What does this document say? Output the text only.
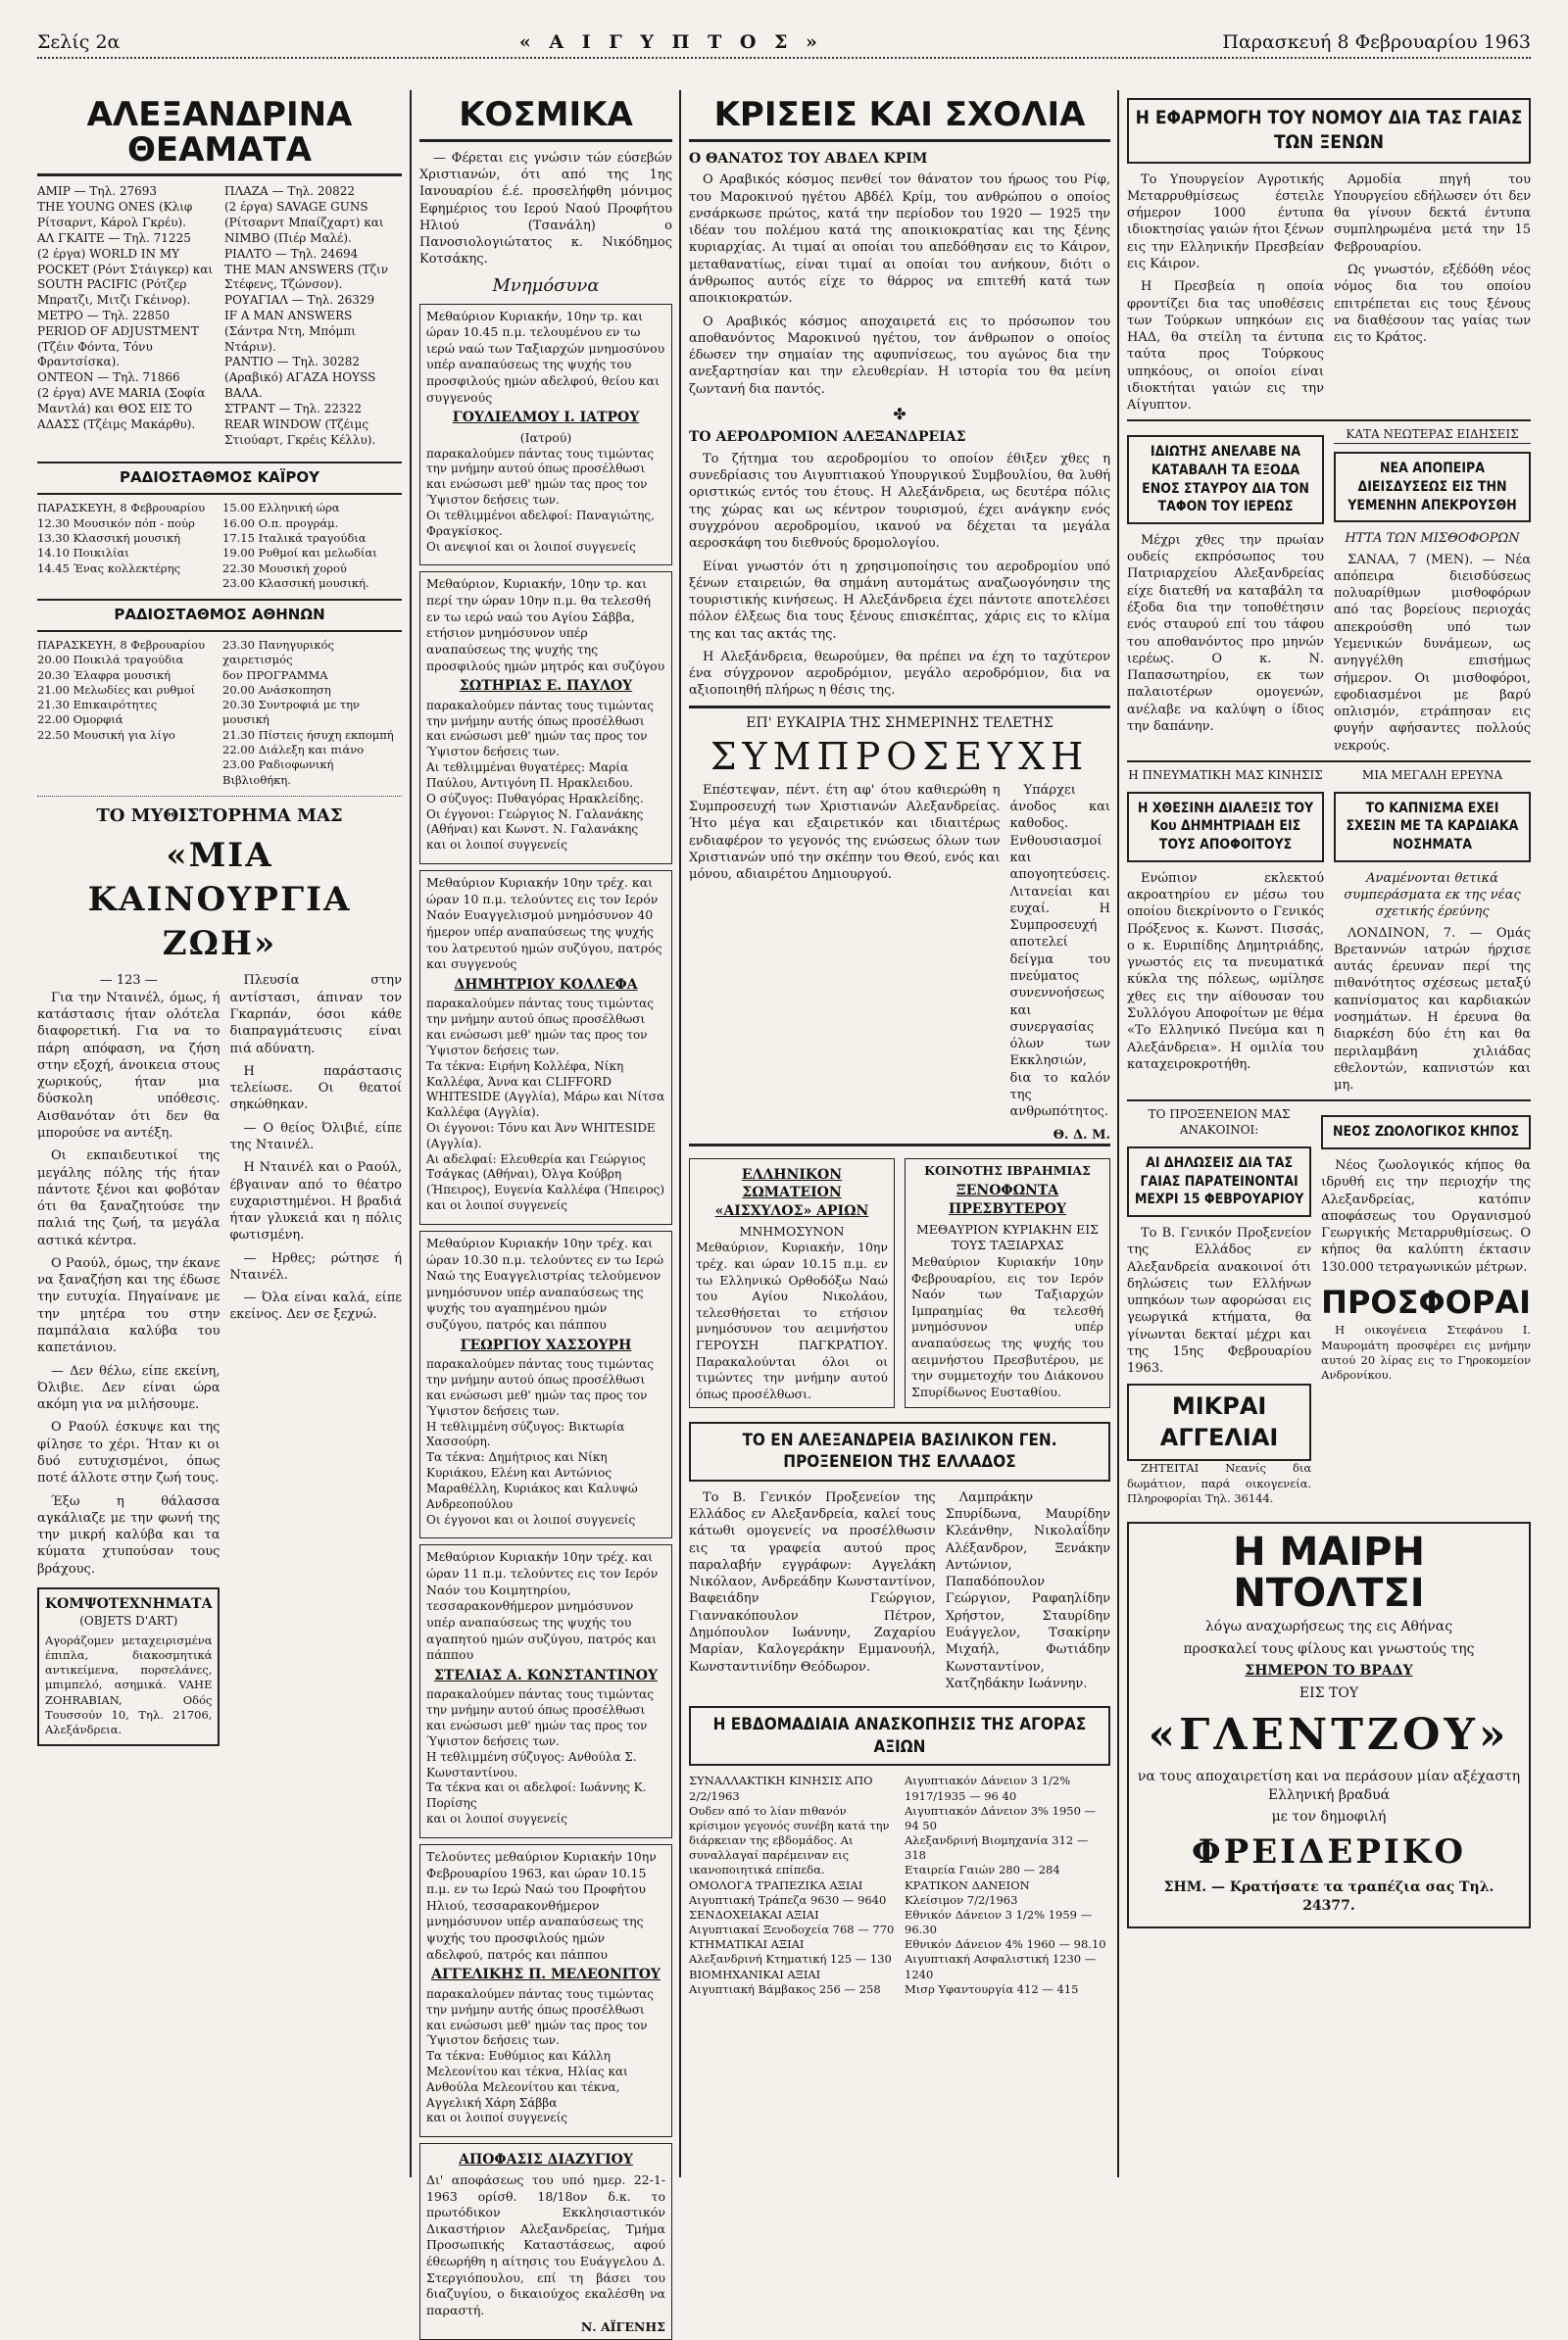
Σελίς 2α	« Α Ι Γ Υ Π Τ Ο Σ »	Παρασκευή 8 Φεβρουαρίου 1963
ΑΛΕΞΑΝΔΡΙΝΑ ΘΕΑΜΑΤΑ
ΑΜΙΡ — Τηλ. 27693
THE YOUNG ONES (Κλιφ Ρίτσαρντ, Κάρολ Γκρέυ).
ΑΛ ΓΚΑΙΤΕ — Τηλ. 71225
(2 έργα) WORLD IN MY POCKET (Ρόντ Στάιγκερ) και SOUTH PACIFIC (Ρότζερ Μπρατζι, Μιτζι Γκέινορ).
ΜΕΤΡΟ — Τηλ. 22850
PERIOD OF ADJUSTMENT (Τζέιν Φόντα, Τόνυ Φραντσίσκα).
ΟΝΤΕΟΝ — Τηλ. 71866
(2 έργα) AVE MARIA (Σοφία Μαντλά) και ΘΟΣ ΕΙΣ ΤΟ ΑΔΑΣΣ (Τζέιμς Μακάρθυ).
ΠΛΑΖΑ — Τηλ. 20822
(2 έργα) SAVAGE GUNS (Ρίτσαρντ Μπαίζχαρτ) και NIMBO (Πιέρ Μαλέ).
ΡΙΑΛΤΟ — Τηλ. 24694
THE MAN ANSWERS (Τζιν Στέφενς, Τζώνσον).
ΡΟΥΑΓΙΑΛ — Τηλ. 26329
IF A MAN ANSWERS (Σάντρα Ντη, Μπόμπι Ντάριν).
ΡΑΝΤΙΟ — Τηλ. 30282
(Αραβικό) ΑΓΑΖΑ ΗΟΥSS ΒΑΛΑ.
ΣΤΡΑΝΤ — Τηλ. 22322
REAR WINDOW (Τζέιμς Στιούαρτ, Γκρέις Κέλλυ).
ΡΑΔΙΟΣΤΑΘΜΟΣ ΚΑΪΡΟΥ
ΠΑΡΑΣΚΕΥΗ, 8 Φεβρουαρίου
12.30 Μουσικόν πόπ - πούρ
13.30 Κλασσική μουσική
14.10 Ποικιλίαι
14.45 Ένας κολλεκτέρης
15.00 Ελληνική ώρα
16.00 Ο.π. προγράμ.
17.15 Ιταλικά τραγούδια
19.00 Ρυθμοί και μελωδίαι
22.30 Μουσική χορού
23.00 Κλασσική μουσική.
ΡΑΔΙΟΣΤΑΘΜΟΣ ΑΘΗΝΩΝ
ΠΑΡΑΣΚΕΥΗ, 8 Φεβρουαρίου
20.00 Ποικιλά τραγούδια
20.30 Έλαφρα μουσική
21.00 Μελωδίες και ρυθμοί
21.30 Επικαιρότητες
22.00 Ομορφιά
22.50 Μουσική για λίγο
23.30 Πανηγυρικός χαιρετισμός
δον ΠΡΟΓΡΑΜΜΑ
20.00 Ανάσκοπηση
20.30 Συντροφιά με την μουσική
21.30 Πίστεις ήσυχη εκπομπή
22.00 Διάλεξη και πιάνο
23.00 Ραδιοφωνική Βιβλιοθήκη.
ΤΟ ΜΥΘΙΣΤΟΡΗΜΑ ΜΑΣ
«ΜΙΑ ΚΑΙΝΟΥΡΓΙΑ ΖΩΗ»
— 123 —

Για την Νταινέλ, όμως, ή κατάστασις ήταν ολότελα διαφορετική. Για να το πάρη απόφαση, να ζήση στην εξοχή, άνοικεια στους χωρικούς, ήταν μια δύσκολη υπόθεσις. Αισθανόταν ότι δεν θα μπορούσε να αντέξη.

Οι εκπαιδευτικοί της μεγάλης πόλης τής ήταν πάντοτε ξένοι και φοβόταν ότι θα ξαναζητούσε την παλιά της ζωή, τα μεγάλα αστικά κέντρα.

Ο Ραούλ, όμως, την έκανε να ξαναζήση και της έδωσε την ευτυχία. Πηγαίνανε με την μητέρα του στην παμπάλαια καλύβα του καπετάνιου.

— Δεν θέλω, είπε εκείνη, Όλιβιε. Δεν είναι ώρα ακόμη για να μιλήσουμε.

Ο Ραούλ έσκυψε και της φίλησε το χέρι. Ήταν κι οι δυό ευτυχισμένοι, όπως ποτέ άλλοτε στην ζωή τους.

Έξω η θάλασσα αγκάλιαζε με την φωνή της την μικρή καλύβα και τα κύματα χτυπούσαν τους βράχους.

ΚΟΜΨΟΤΕΧΝΗΜΑΤΑ
(OBJETS D'ART)
Αγοράζομεν μεταχειρισμένα έπιπλα, διακοσμητικά αντικείμενα, πορσελάνες, μπιμπελό, ασημικά. VAHE ZOHRABIAN, Οδός Τουσσούν 10, Τηλ. 21706, Αλεξάνδρεια.

Πλευσία στην αντίστασι, άπιναν τον Γκαρπάν, όσοι κάθε διαπραγμάτευσις είναι πιά αδύνατη.

Η παράστασις τελείωσε. Οι θεατοί σηκώθηκαν.

— Ο θείος Όλιβιέ, είπε της Νταινέλ.

Η Νταινέλ και ο Ραούλ, έβγαιναν από το θέατρο ευχαριστημένοι. Η βραδιά ήταν γλυκειά και η πόλις φωτισμένη.

— Ηρθες; ρώτησε ή Νταινέλ.

— Όλα είναι καλά, είπε εκείνος. Δεν σε ξεχνώ.

ΚΟΣΜΙΚΑ

— Φέρεται εις γνώσιν τών εύσεβών Χριστιανών, ότι από της 1ης Ιανουαρίου έ.έ. προσελήφθη μόνιμος Εφημέριος του Ιερού Ναού Προφήτου Ηλιού (Τσανάλη) ο Πανοσιολογιώτατος κ. Νικόδημος Κοτσάκης.

Μνημόσυνα
Μεθαύριον Κυριακήν, 10ην τρ. και ώραν 10.45 π.μ. τελουμένου εν τω ιερώ ναώ των Ταξιαρχών μνημοσύνου υπέρ αναπαύσεως της ψυχής του προσφιλούς ημών αδελφού, θείου και συγγενούς
ΓΟΥΛΙΕΛΜΟΥ Ι. ΙΑΤΡΟΥ
(Ιατρού)
παρακαλούμεν πάντας τους τιμώντας την μνήμην αυτού όπως προσέλθωσι και ενώσωσι μεθ' ημών τας προς τον Ύψιστον δεήσεις των.
Οι τεθλιμμένοι αδελφοί: Παναγιώτης, Φραγκίσκος.
Οι ανεψιοί και οι λοιποί συγγενείς
Μεθαύριον, Κυριακήν, 10ην τρ. και περί την ώραν 10ην π.μ. θα τελεσθή εν τω ιερώ ναώ του Αγίου Σάββα, ετήσιον μνημόσυνον υπέρ αναπαύσεως της ψυχής της προσφιλούς ημών μητρός και συζύγου
ΣΩΤΗΡΙΑΣ Ε. ΠΑΥΛΟΥ
παρακαλούμεν πάντας τους τιμώντας την μνήμην αυτής όπως προσέλθωσι και ενώσωσι μεθ' ημών τας προς τον Ύψιστον δεήσεις των.
Αι τεθλιμμέναι θυγατέρες: Μαρία Παύλου, Αντιγόνη Π. Ηρακλειδου.
Ο σύζυγος: Πυθαγόρας Ηρακλείδης.
Οι έγγονοι: Γεώργιος Ν. Γαλανάκης (Αθήναι) και Κωνστ. Ν. Γαλανάκης
και οι λοιποί συγγενείς
Μεθαύριον Κυριακήν 10ην τρέχ. και ώραν 10 π.μ. τελούντες εις τον Ιερόν Ναόν Ευαγγελισμού μνημόσυνον 40 ήμερον υπέρ αναπαύσεως της ψυχής του λατρευτού ημών συζύγου, πατρός και συγγενούς
ΔΗΜΗΤΡΙΟΥ ΚΟΛΛΕΦΑ
παρακαλούμεν πάντας τους τιμώντας την μνήμην αυτού όπως προσέλθωσι και ενώσωσι μεθ' ημών τας προς τον Ύψιστον δεήσεις των.
Τα τέκνα: Ειρήνη Κολλέφα, Νίκη Καλλέφα, Άννα και CLIFFORD WHITESIDE (Αγγλία), Μάρω και Νίτσα Καλλέφα (Αγγλία).
Οι έγγονοι: Τόνυ και Άνν WHITESIDE (Αγγλία).
Αι αδελφαί: Ελευθερία και Γεώργιος Τσάγκας (Αθήναι), Όλγα Κούβρη (Ήπειρος), Ευγενία Καλλέφα (Ήπειρος)
και οι λοιποί συγγενείς
Μεθαύριον Κυριακήν 10ην τρέχ. και ώραν 10.30 π.μ. τελούντες εν τω Ιερώ Ναώ της Ευαγγελιστρίας τελούμενον μνημόσυνον υπέρ αναπαύσεως της ψυχής του αγαπημένου ημών συζύγου, πατρός και πάππου
ΓΕΩΡΓΙΟΥ ΧΑΣΣΟΥΡΗ
παρακαλούμεν πάντας τους τιμώντας την μνήμην αυτού όπως προσέλθωσι και ενώσωσι μεθ' ημών τας προς τον Ύψιστον δεήσεις των.
Η τεθλιμμένη σύζυγος: Βικτωρία Χασσούρη.
Τα τέκνα: Δημήτριος και Νίκη Κυριάκου, Ελένη και Αντώνιος Μαραθέλλη, Κυριάκος και Καλυψώ Ανδρεοπούλου
Οι έγγονοι και οι λοιποί συγγενείς
Μεθαύριον Κυριακήν 10ην τρέχ. και ώραν 11 π.μ. τελούντες εις τον Ιερόν Ναόν του Κοιμητηρίου, τεσσαρακονθήμερον μνημόσυνον υπέρ αναπαύσεως της ψυχής του αγαπητού ημών συζύγου, πατρός και πάππου
ΣΤΕΛΙΑΣ Α. ΚΩΝΣΤΑΝΤΙΝΟΥ
παρακαλούμεν πάντας τους τιμώντας την μνήμην αυτού όπως προσέλθωσι και ενώσωσι μεθ' ημών τας προς τον Ύψιστον δεήσεις των.
Η τεθλιμμένη σύζυγος: Ανθούλα Σ. Κωνσταντίνου.
Τα τέκνα και οι αδελφοί: Ιωάννης Κ. Πορίσης
και οι λοιποί συγγενείς
Τελούντες μεθαύριον Κυριακήν 10ην Φεβρουαρίου 1963, και ώραν 10.15 π.μ. εν τω Ιερώ Ναώ του Προφήτου Ηλιού, τεσσαρακονθήμερον μνημόσυνον υπέρ αναπαύσεως της ψυχής του προσφιλούς ημών αδελφού, πατρός και πάππου
ΑΓΓΕΛΙΚΗΣ Π. ΜΕΛΕΟΝΙΤΟΥ
παρακαλούμεν πάντας τους τιμώντας την μνήμην αυτής όπως προσέλθωσι και ενώσωσι μεθ' ημών τας προς τον Ύψιστον δεήσεις των.
Τα τέκνα: Ευθύμιος και Κάλλη Μελεονίτου και τέκνα, Ηλίας και Ανθούλα Μελεονίτου και τέκνα, Αγγελική Χάρη Σάββα
και οι λοιποί συγγενείς
ΑΠΟΦΑΣΙΣ ΔΙΑΖΥΓΙΟΥ
Δι' αποφάσεως του υπό ημερ. 22-1-1963 ορίσθ. 18/18ον δ.κ. το πρωτόδικον Εκκλησιαστικόν Δικαστήριον Αλεξανδρείας, Τμήμα Προσωπικής Καταστάσεως, αφού έθεωρήθη η αίτησις του Ευάγγελου Δ. Στεργιόπουλου, επί τη βάσει του διαζυγίου, ο δικαιούχος εκαλέσθη να παραστή.
Ν. ΑΪΓΕΝΗΣ
ΚΡΙΣΕΙΣ ΚΑΙ ΣΧΟΛΙΑ
Ο ΘΑΝΑΤΟΣ ΤΟΥ ΑΒΔΕΛ ΚΡΙΜ

Ο Αραβικός κόσμος πενθεί τον θάνατον του ήρωος του Ρίφ, του Μαροκινού ηγέτου Αβδέλ Κρίμ, του ανθρώπου ο οποίος ενσάρκωσε πρώτος, κατά την περίοδον του 1920 — 1925 την ιδέαν του πολέμου κατά της αποικιοκρατίας και της ξένης κυριαρχίας. Αι τιμαί αι οποίαι του απεδόθησαν εις το Κάιρον, μεταθανατίως, είναι τιμαί αι οποίαι του ανήκουν, διότι ο άνθρωπος αυτός είχε το θάρρος να επιτεθή κατά των αποικιοκρατών.

Ο Αραβικός κόσμος αποχαιρετά εις το πρόσωπον του αποθανόντος Μαροκινού ηγέτου, τον άνθρωπον ο οποίος έδωσεν την σημαίαν της αφυπνίσεως, του αγώνος δια την ανεξαρτησίαν και την ελευθερίαν. Η ιστορία του θα μείνη ζωντανή δια παντός.

✤
ΤΟ ΑΕΡΟΔΡΟΜΙΟΝ ΑΛΕΞΑΝΔΡΕΙΑΣ

Το ζήτημα του αεροδρομίου το οποίον έθιξεν χθες η συνεδρίασις του Αιγυπτιακού Υπουργικού Συμβουλίου, θα λυθή οριστικώς εντός του έτους. Η Αλεξάνδρεια, ως δευτέρα πόλις της χώρας και ως κέντρον τουρισμού, έχει ανάγκην ενός συγχρόνου αεροδρομίου, ικανού να δέχεται τα μεγάλα αεροσκάφη του διεθνούς δρομολογίου.

Είναι γνωστόν ότι η χρησιμοποίησις του αεροδρομίου υπό ξένων εταιρειών, θα σημάνη αυτομάτως αναζωογόνησιν της τουριστικής κινήσεως. Η Αλεξάνδρεια έχει πάντοτε αποτελέσει πόλον έλξεως δια τους ξένους επισκέπτας, χάρις εις το κλίμα της και τας ακτάς της.

Η Αλεξάνδρεια, θεωρούμεν, θα πρέπει να έχη το ταχύτερον ένα σύγχρονον αεροδρόμιον, μεγάλο αεροδρόμιον, δια να αξιοποιηθή πλήρως η θέσις της.

ΕΠ' ΕΥΚΑΙΡΙΑ ΤΗΣ ΣΗΜΕΡΙΝΗΣ ΤΕΛΕΤΗΣ
ΣΥΜΠΡΟΣΕΥΧΗ

Επέστεψαν, πέντ. έτη αφ' ότου καθιερώθη η Συμπροσευχή των Χριστιανών Αλεξανδρείας. Ήτο μέγα και εξαιρετικόν και ιδιαιτέρως ενδιαφέρον το γεγονός της ενώσεως όλων των Χριστιανών υπό την σκέπην του Θεού, ενός και μόνου, αδιαιρέτου Δημιουργού.

Υπάρχει άνοδος και καθοδος. Ενθουσιασμοί και απογοητεύσεις. Λιτανείαι και ευχαί. Η Συμπροσευχή αποτελεί δείγμα του πνεύματος συνεννοήσεως και συνεργασίας όλων των Εκκλησιών, δια το καλόν της ανθρωπότητος.

Θ. Δ. Μ.
ΕΛΛΗΝΙΚΟΝ ΣΩΜΑΤΕΙΟΝ «ΑΙΣΧΥΛΟΣ» ΑΡΙΩΝ
ΜΝΗΜΟΣΥΝΟΝ
Μεθαύριον, Κυριακήν, 10ην τρέχ. και ώραν 10.15 π.μ. εν τω Ελληνικώ Ορθοδόξω Ναώ του Αγίου Νικολάου, τελεσθήσεται το ετήσιον μνημόσυνον του αειμνήστου ΓΕΡΟΥΣΗ ΠΑΓΚΡΑΤΙΟΥ. Παρακαλούνται όλοι οι τιμώντες την μνήμην αυτού όπως προσέλθωσι.
ΚΟΙΝΟΤΗΣ ΙΒΡΑΗΜΙΑΣ
ΞΕΝΟΦΩΝΤΑ ΠΡΕΣΒΥΤΕΡΟΥ
ΜΕΘΑΥΡΙΟΝ ΚΥΡΙΑΚΗΝ ΕΙΣ ΤΟΥΣ ΤΑΞΙΑΡΧΑΣ
Μεθαύριον Κυριακήν 10ην Φεβρουαρίου, εις τον Ιερόν Ναόν των Ταξιαρχών Ιμπραημίας θα τελεσθή μνημόσυνον υπέρ αναπαύσεως της ψυχής του αειμνήστου Πρεσβυτέρου, με την συμμετοχήν του Διάκονου Σπυρίδωνος Ευσταθίου.
ΤΟ ΕΝ ΑΛΕΞΑΝΔΡΕΙΑ ΒΑΣΙΛΙΚΟΝ ΓΕΝ. ΠΡΟΞΕΝΕΙΟΝ ΤΗΣ ΕΛΛΑΔΟΣ

Το Β. Γενικόν Προξενείον της Ελλάδος εν Αλεξανδρεία, καλεί τους κάτωθι ομογενείς να προσέλθωσιν εις τα γραφεία αυτού προς παραλαβήν εγγράφων: Αγγελάκη Νικόλαον, Ανδρεάδην Κωνσταντίνον, Βαφειάδην Γεώργιον, Γιαννακόπουλον Πέτρον, Δημόπουλον Ιωάννην, Ζαχαρίου Μαρίαν, Καλογεράκην Εμμανουήλ, Κωνσταντινίδην Θεόδωρον.

Λαμπράκην Σπυρίδωνα, Μαυρίδην Κλεάνθην, Νικολαΐδην Αλέξανδρον, Ξενάκην Αντώνιον, Παπαδόπουλον Γεώργιον, Ραφαηλίδην Χρήστον, Σταυρίδην Ευάγγελον, Τσακίρην Μιχαήλ, Φωτιάδην Κωνσταντίνον, Χατζηδάκην Ιωάννην.

Η ΕΒΔΟΜΑΔΙΑΙΑ ΑΝΑΣΚΟΠΗΣΙΣ ΤΗΣ ΑΓΟΡΑΣ ΑΞΙΩΝ
ΣΥΝΑΛΛΑΚΤΙΚΗ ΚΙΝΗΣΙΣ ΑΠΟ 2/2/1963
Ουδεν από το λίαν πιθανόν κρίσιμον γεγονός συνέβη κατά την διάρκειαν της εβδομάδος. Αι συναλλαγαί παρέμειναν εις ικανοποιητικά επίπεδα.
ΟΜΟΛΟΓΑ ΤΡΑΠΕΖΙΚΑ ΑΞΙΑΙ
Αιγυπτιακή Τράπεζα 9630 — 9640
ΣΕΝΔΟΧΕΙΑΚΑΙ ΑΞΙΑΙ
Αιγυπτιακαί Ξενοδοχεία 768 — 770
ΚΤΗΜΑΤΙΚΑΙ ΑΞΙΑΙ
Αλεξανδρινή Κτηματική 125 — 130
ΒΙΟΜΗΧΑΝΙΚΑΙ ΑΞΙΑΙ
Αιγυπτιακή Βάμβακος 256 — 258
Αιγυπτιακόν Δάνειον 3 1/2% 1917/1935 — 96 40
Αιγυπτιακόν Δάνειον 3% 1950 — 94 50
Αλεξανδρινή Βιομηχανία 312 — 318
Εταιρεία Γαιών 280 — 284
ΚΡΑΤΙΚΟΝ ΔΑΝΕΙΟΝ
Κλείσιμον 7/2/1963
Εθνικόν Δάνειον 3 1/2% 1959 — 96.30
Εθνικόν Δάνειον 4% 1960 — 98.10
Αιγυπτιακή Ασφαλιστική 1230 — 1240
Μισρ Υφαντουργία 412 — 415
Η ΕΦΑΡΜΟΓΗ ΤΟΥ ΝΟΜΟΥ ΔΙΑ ΤΑΣ ΓΑΙΑΣ ΤΩΝ ΞΕΝΩΝ

Το Υπουργείον Αγροτικής Μεταρρυθμίσεως έστειλε σήμερον 1000 έντυπα ιδιοκτησίας γαιών ήτοι ξένων εις την Ελληνικήν Πρεσβείαν εις Κάιρον.

Η Πρεσβεία η οποία φροντίζει δια τας υποθέσεις των Τούρκων υπηκόων εις ΗΑΔ, θα στείλη τα έντυπα ταύτα προς Τούρκους υπηκόους, οι οποίοι είναι ιδιοκτήται γαιών εις την Αίγυπτον.

Αρμοδία πηγή του Υπουργείου εδήλωσεν ότι δεν θα γίνουν δεκτά έντυπα συμπληρωμένα μετά την 15 Φεβρουαρίου.

Ως γνωστόν, εξέδόθη νέος νόμος δια του οποίου επιτρέπεται εις τους ξένους να διαθέσουν τας γαίας των εις το Κράτος.

ΙΔΙΩΤΗΣ ΑΝΕΛΑΒΕ ΝΑ ΚΑΤΑΒΑΛΗ ΤΑ ΕΞΟΔΑ ΕΝΟΣ ΣΤΑΥΡΟΥ ΔΙΑ ΤΟΝ ΤΑΦΟΝ ΤΟΥ ΙΕΡΕΩΣ

Μέχρι χθες την πρωίαν ουδείς εκπρόσωπος του Πατριαρχείου Αλεξανδρείας είχε διατεθή να καταβάλη τα έξοδα δια την τοποθέτησιν ενός σταυρού επί του τάφου του αποθανόντος προ μηνών ιερέως. Ο κ. Ν. Παπασωτηρίου, εκ των παλαιοτέρων ομογενών, ανέλαβε να καλύψη ο ίδιος την δαπάνην.

ΚΑΤΑ ΝΕΩΤΕΡΑΣ ΕΙΔΗΣΕΙΣ
ΝΕΑ ΑΠΟΠΕΙΡΑ ΔΙΕΙΣΔΥΣΕΩΣ ΕΙΣ ΤΗΝ ΥΕΜΕΝΗΝ ΑΠΕΚΡΟΥΣΘΗ
ΗΤΤΑ ΤΩΝ ΜΙΣΘΟΦΟΡΩΝ

ΣΑΝΑΑ, 7 (ΜΕΝ). — Νέα απόπειρα διεισδύσεως πολυαρίθμων μισθοφόρων από τας βορείους περιοχάς απεκρούσθη υπό των Υεμενικών δυνάμεων, ως ανηγγέλθη επισήμως σήμερον. Οι μισθοφόροι, εφοδιασμένοι με βαρύ οπλισμόν, ετράπησαν εις φυγήν αφήσαντες πολλούς νεκρούς.

Η ΠΝΕΥΜΑΤΙΚΗ ΜΑΣ ΚΙΝΗΣΙΣ
Η ΧΘΕΣΙΝΗ ΔΙΑΛΕΞΙΣ ΤΟΥ Κου ΔΗΜΗΤΡΙΑΔΗ ΕΙΣ ΤΟΥΣ ΑΠΟΦΟΙΤΟΥΣ

Ενώπιον εκλεκτού ακροατηρίου εν μέσω του οποίου διεκρίνοντο ο Γενικός Πρόξενος κ. Κωνστ. Πισσάς, ο κ. Ευριπίδης Δημητριάδης, γνωστός εις τα πνευματικά κύκλα της πόλεως, ωμίλησε χθες εις την αίθουσαν του Συλλόγου Αποφοίτων με θέμα «Το Ελληνικό Πνεύμα και η Αλεξάνδρεια». Η ομιλία του καταχειροκροτήθη.

ΜΙΑ ΜΕΓΑΛΗ ΕΡΕΥΝΑ
ΤΟ ΚΑΠΝΙΣΜΑ ΕΧΕΙ ΣΧΕΣΙΝ ΜΕ ΤΑ ΚΑΡΔΙΑΚΑ ΝΟΣΗΜΑΤΑ
Αναμένονται θετικά συμπεράσματα εκ της νέας σχετικής έρεύνης

ΛΟΝΔΙΝΟΝ, 7. — Ομάς Βρεταννών ιατρών ήρχισε αυτάς έρευναν περί της πιθανότητος σχέσεως μεταξύ καπνίσματος και καρδιακών νοσημάτων. Η έρευνα θα διαρκέση δύο έτη και θα περιλαμβάνη χιλιάδας εθελοντών, καπνιστών και μη.

ΤΟ ΠΡΟΞΕΝΕΙΟΝ ΜΑΣ ΑΝΑΚΟΙΝΟΙ:
ΑΙ ΔΗΛΩΣΕΙΣ ΔΙΑ ΤΑΣ ΓΑΙΑΣ ΠΑΡΑΤΕΙΝΟΝΤΑΙ ΜΕΧΡΙ 15 ΦΕΒΡΟΥΑΡΙΟΥ

Το Β. Γενικόν Προξενείον της Ελλάδος εν Αλεξανδρεία ανακοινοί ότι δηλώσεις των Ελλήνων υπηκόων των αφορώσαι εις γεωργικά κτήματα, θα γίνωνται δεκταί μέχρι και της 15ης Φεβρουαρίου 1963.

ΜΙΚΡΑΙ ΑΓΓΕΛΙΑΙ

ΖΗΤΕΙΤΑΙ Νεανίς δια δωμάτιον, παρά οικογενεία. Πληροφορίαι Τηλ. 36144.

ΝΕΟΣ ΖΩΟΛΟΓΙΚΟΣ ΚΗΠΟΣ

Νέος ζωολογικός κήπος θα ιδρυθή εις την περιοχήν της Αλεξανδρείας, κατόπιν αποφάσεως του Οργανισμού Γεωργικής Μεταρρυθμίσεως. Ο κήπος θα καλύπτη έκτασιν 130.000 τετραγωνικών μέτρων.

ΠΡΟΣΦΟΡΑΙ

Η οικογένεια Στεφάνου Ι. Μαυρομάτη προσφέρει εις μνήμην αυτού 20 λίρας εις το Γηροκομείον Ανδρονίκου.

Η ΜΑΙΡΗ ΝΤΟΛΤΣΙ
λόγω αναχωρήσεως της εις Αθήνας
προσκαλεί τους φίλους και γνωστούς της
ΣΗΜΕΡΟΝ ΤΟ ΒΡΑΔΥ
ΕΙΣ ΤΟΥ
«ΓΛΕΝΤΖΟΥ»
να τους αποχαιρετίση και να περάσουν μίαν αξέχαστη Ελληνική βραδυά
με τον δημοφιλή
ΦΡΕΙΔΕΡΙΚΟ
ΣΗΜ. — Κρατήσατε τα τραπέζια σας Τηλ. 24377.
